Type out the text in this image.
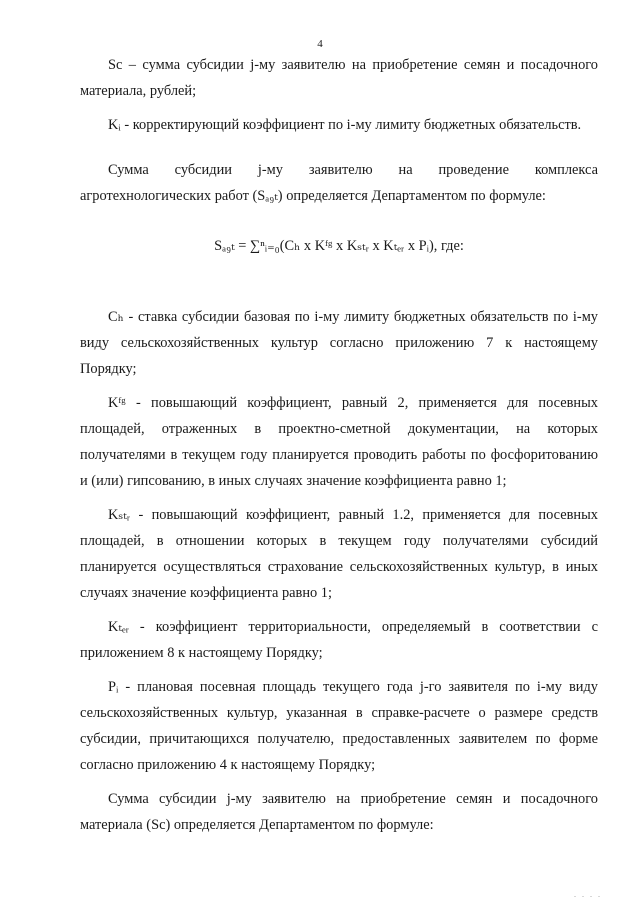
4

Sс – сумма субсидии j-му заявителю на приобретение семян и посадочного материала, рублей;

Kᵢ - корректирующий коэффициент по i-му лимиту бюджетных обязательств.

Сумма субсидии j-му заявителю на проведение комплекса агротехнологических работ (Sₐ₉ₜ) определяется Департаментом по формуле:

Sₐ₉ₜ = ∑ⁿᵢ₌₀(Cₕ x Kᶠᵍ x Kₛₜᵣ x Kₜₑᵣ x Pᵢ), где:

Cₕ - ставка субсидии базовая по i-му лимиту бюджетных обязательств по i-му виду сельскохозяйственных культур согласно приложению 7 к настоящему Порядку;

Kᶠᵍ - повышающий коэффициент, равный 2, применяется для посевных площадей, отраженных в проектно-сметной документации, на которых получателями в текущем году планируется проводить работы по фосфоритованию и (или) гипсованию, в иных случаях значение коэффициента равно 1;

Kₛₜᵣ - повышающий коэффициент, равный 1.2, применяется для посевных площадей, в отношении которых в текущем году получателями субсидий планируется осуществляться страхование сельскохозяйственных культур, в иных случаях значение коэффициента равно 1;

Kₜₑᵣ - коэффициент территориальности, определяемый в соответствии с приложением 8 к настоящему Порядку;

Pᵢ - плановая посевная площадь текущего года j-го заявителя по i-му виду сельскохозяйственных культур, указанная в справке-расчете о размере средств субсидии, причитающихся получателю, предоставленных заявителем по форме согласно приложению 4 к настоящему Порядку;

Сумма субсидии j-му заявителю на приобретение семян и посадочного материала (Sс) определяется Департаментом по формуле:

. . . .
